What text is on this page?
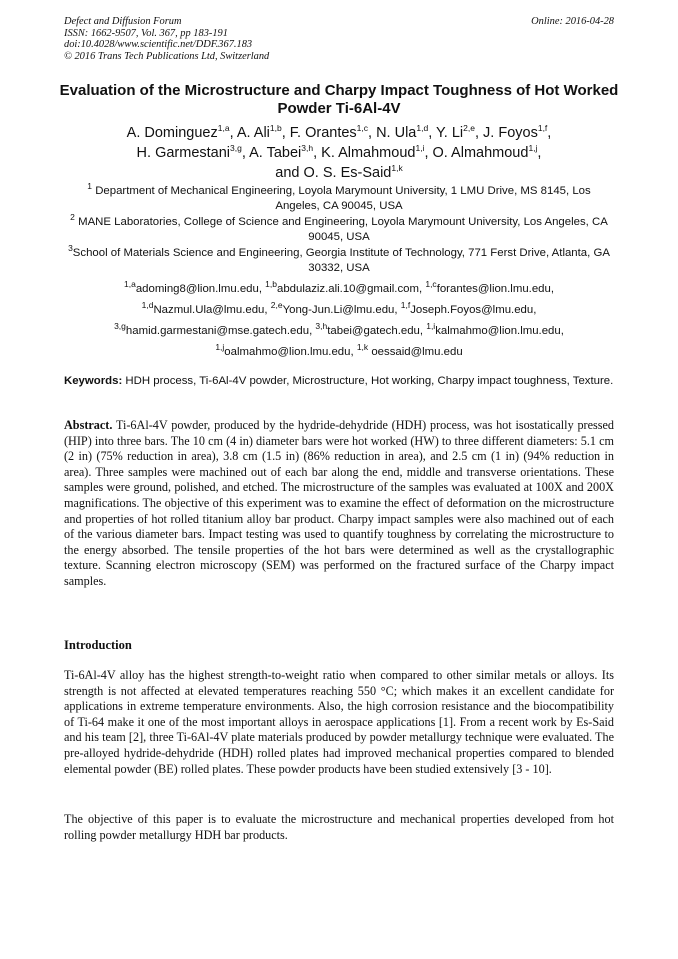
Defect and Diffusion Forum
ISSN: 1662-9507, Vol. 367, pp 183-191
doi:10.4028/www.scientific.net/DDF.367.183
© 2016 Trans Tech Publications Ltd, Switzerland
Online: 2016-04-28
Evaluation of the Microstructure and Charpy Impact Toughness of Hot Worked Powder Ti-6Al-4V
A. Dominguez$^{1,a}$, A. Ali$^{1,b}$, F. Orantes$^{1,c}$, N. Ula$^{1,d}$, Y. Li$^{2,e}$, J. Foyos$^{1,f}$,
H. Garmestani$^{3,g}$, A. Tabei$^{3,h}$, K. Almahmoud$^{1,i}$, O. Almahmoud$^{1,j}$,
and O. S. Es-Said$^{1,k}$
$^1$ Department of Mechanical Engineering, Loyola Marymount University, 1 LMU Drive, MS 8145, Los Angeles, CA 90045, USA
$^2$ MANE Laboratories, College of Science and Engineering, Loyola Marymount University, Los Angeles, CA 90045, USA
$^3$School of Materials Science and Engineering, Georgia Institute of Technology, 771 Ferst Drive, Atlanta, GA 30332, USA
$^{1,a}$adoming8@lion.lmu.edu, $^{1,b}$abdulaziz.ali.10@gmail.com, $^{1,c}$forantes@lion.lmu.edu,
$^{1,d}$Nazmul.Ula@lmu.edu, $^{2,e}$Yong-Jun.Li@lmu.edu, $^{1,f}$Joseph.Foyos@lmu.edu,
$^{3,g}$hamid.garmestani@mse.gatech.edu, $^{3,h}$tabei@gatech.edu, $^{1,i}$kalmahmo@lion.lmu.edu,
$^{1,j}$oalmahmo@lion.lmu.edu, $^{1,k}$ oessaid@lmu.edu
Keywords: HDH process, Ti-6Al-4V powder, Microstructure, Hot working, Charpy impact toughness, Texture.
Abstract. Ti-6Al-4V powder, produced by the hydride-dehydride (HDH) process, was hot isostatically pressed (HIP) into three bars. The 10 cm (4 in) diameter bars were hot worked (HW) to three different diameters: 5.1 cm (2 in) (75% reduction in area), 3.8 cm (1.5 in) (86% reduction in area), and 2.5 cm (1 in) (94% reduction in area). Three samples were machined out of each bar along the end, middle and transverse orientations. These samples were ground, polished, and etched. The microstructure of the samples was evaluated at 100X and 200X magnifications. The objective of this experiment was to examine the effect of deformation on the microstructure and properties of hot rolled titanium alloy bar product. Charpy impact samples were also machined out of each of the various diameter bars. Impact testing was used to quantify toughness by correlating the microstructure to the energy absorbed. The tensile properties of the hot bars were determined as well as the crystallographic texture. Scanning electron microscopy (SEM) was performed on the fractured surface of the Charpy impact samples.
Introduction
Ti-6Al-4V alloy has the highest strength-to-weight ratio when compared to other similar metals or alloys. Its strength is not affected at elevated temperatures reaching 550 °C; which makes it an excellent candidate for applications in extreme temperature environments. Also, the high corrosion resistance and the biocompatibility of Ti-64 make it one of the most important alloys in aerospace applications [1]. From a recent work by Es-Said and his team [2], three Ti-6Al-4V plate materials produced by powder metallurgy technique were evaluated. The pre-alloyed hydride-dehydride (HDH) rolled plates had improved mechanical properties compared to blended elemental powder (BE) rolled plates. These powder products have been studied extensively [3 - 10].
The objective of this paper is to evaluate the microstructure and mechanical properties developed from hot rolling powder metallurgy HDH bar products.
